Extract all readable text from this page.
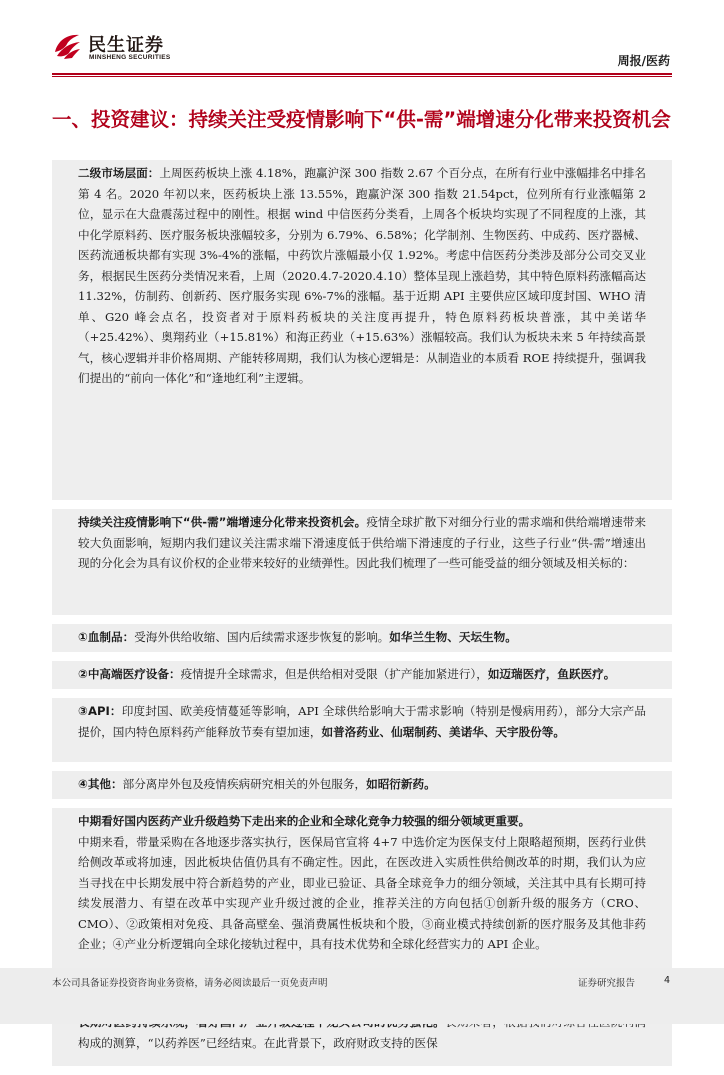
民生证券
MINSHENG SECURITIES	周报/医药
一、投资建议：持续关注受疫情影响下“供-需”端增速分化带来投资机会
二级市场层面：上周医药板块上涨 4.18%，跑赢沪深 300 指数 2.67 个百分点，在所有行业中涨幅排名中排名第 4 名。2020 年初以来，医药板块上涨 13.55%，跑赢沪深 300 指数 21.54pct，位列所有行业涨幅第 2 位，显示在大盘震荡过程中的刚性。根据 wind 中信医药分类看，上周各个板块均实现了不同程度的上涨，其中化学原料药、医疗服务板块涨幅较多，分别为 6.79%、6.58%；化学制剂、生物医药、中成药、医疗器械、医药流通板块都有实现 3%-4%的涨幅，中药饮片涨幅最小仅 1.92%。考虑中信医药分类涉及部分公司交叉业务，根据民生医药分类情况来看，上周（2020.4.7-2020.4.10）整体呈现上涨趋势，其中特色原料药涨幅高达 11.32%，仿制药、创新药、医疗服务实现 6%-7%的涨幅。基于近期 API 主要供应区域印度封国、WHO 清单、G20 峰会点名，投资者对于原料药板块的关注度再提升，特色原料药板块普涨，其中美诺华（+25.42%）、奥翔药业（+15.81%）和海正药业（+15.63%）涨幅较高。我们认为板块未来 5 年持续高景气，核心逻辑并非价格周期、产能转移周期，我们认为核心逻辑是：从制造业的本质看 ROE 持续提升，强调我们提出的“前向一体化”和“逢地红利”主逻辑。
持续关注疫情影响下“供-需”端增速分化带来投资机会。疫情全球扩散下对细分行业的需求端和供给端增速带来较大负面影响，短期内我们建议关注需求端下滑速度低于供给端下滑速度的子行业，这些子行业“供-需”增速出现的分化会为具有议价权的企业带来较好的业绩弹性。因此我们梳理了一些可能受益的细分领域及相关标的：
①血制品：受海外供给收缩、国内后续需求逐步恢复的影响。如华兰生物、天坛生物。
②中高端医疗设备：疫情提升全球需求，但是供给相对受限（扩产能加紧进行），如迈瑞医疗，鱼跃医疗。
③API：印度封国、欧美疫情蔓延等影响，API 全球供给影响大于需求影响（特别是慢病用药），部分大宗产品提价，国内特色原料药产能释放节奏有望加速，如普洛药业、仙琚制药、美诺华、天宇股份等。
④其他：部分离岸外包及疫情疾病研究相关的外包服务，如昭衍新药。
中期看好国内医药产业升级趋势下走出来的企业和全球化竞争力较强的细分领域更重要。
中期来看，带量采购在各地逐步落实执行，医保局官宣将 4+7 中选价定为医保支付上限略超预期，医药行业供给侧改革或将加速，因此板块估值仍具有不确定性。因此，在医改进入实质性供给侧改革的时期，我们认为应当寻找在中长期发展中符合新趋势的产业，即业已验证、具备全球竞争力的细分领域，关注其中具有长期可持续发展潜力、有望在改革中实现产业升级过渡的企业，推荐关注的方向包括①创新升级的服务方（CRO、CMO）、②政策相对免疫、具备高壁垒、强消费属性板块和个股，③商业模式持续创新的医疗服务及其他非药企业；④产业分析逻辑向全球化接轨过程中，具有技术优势和全球化经营实力的 API 企业。
构成的测算，“以药养医”已经结束。在此背景下，政府财政支持的医保
本公司具备证券投资咨询业务资格，请务必阅读最后一页免责声明	证券研究报告	4
